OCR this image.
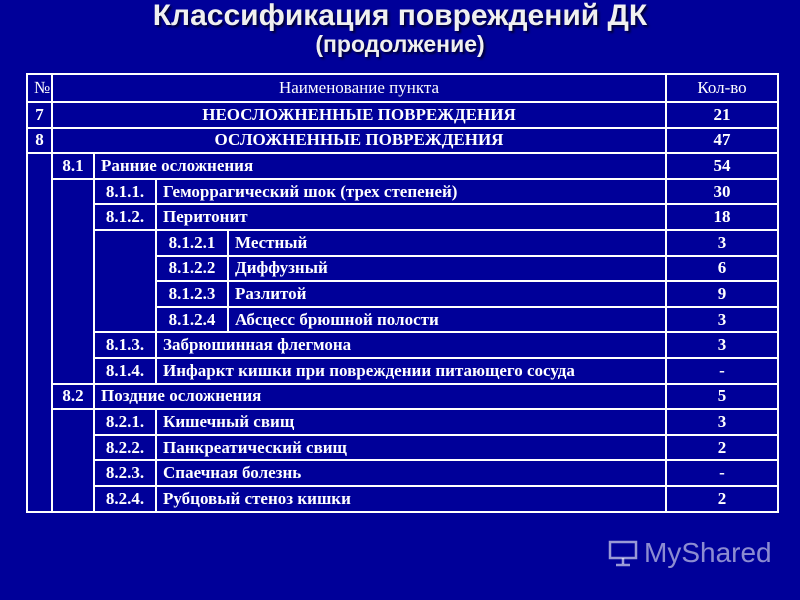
Классификация повреждений ДК
(продолжение)
№	Наименование пункта				Кол-во
7	НЕОСЛОЖНЕННЫЕ ПОВРЕЖДЕНИЯ				21
8	ОСЛОЖНЕННЫЕ ПОВРЕЖДЕНИЯ				47
	8.1	Ранние осложнения			54
		8.1.1.	Геморрагический шок (трех степеней)		30
		8.1.2.	Перитонит		18
			8.1.2.1	Местный	3
			8.1.2.2	Диффузный	6
			8.1.2.3	Разлитой	9
			8.1.2.4	Абсцесс брюшной полости	3
		8.1.3.	Забрюшинная флегмона		3
		8.1.4.	Инфаркт кишки при повреждении питающего сосуда		-
	8.2	Поздние осложнения			5
		8.2.1.	Кишечный свищ		3
		8.2.2.	Панкреатический свищ		2
		8.2.3.	Спаечная болезнь		-
		8.2.4.	Рубцовый стеноз кишки		2
MyShared
